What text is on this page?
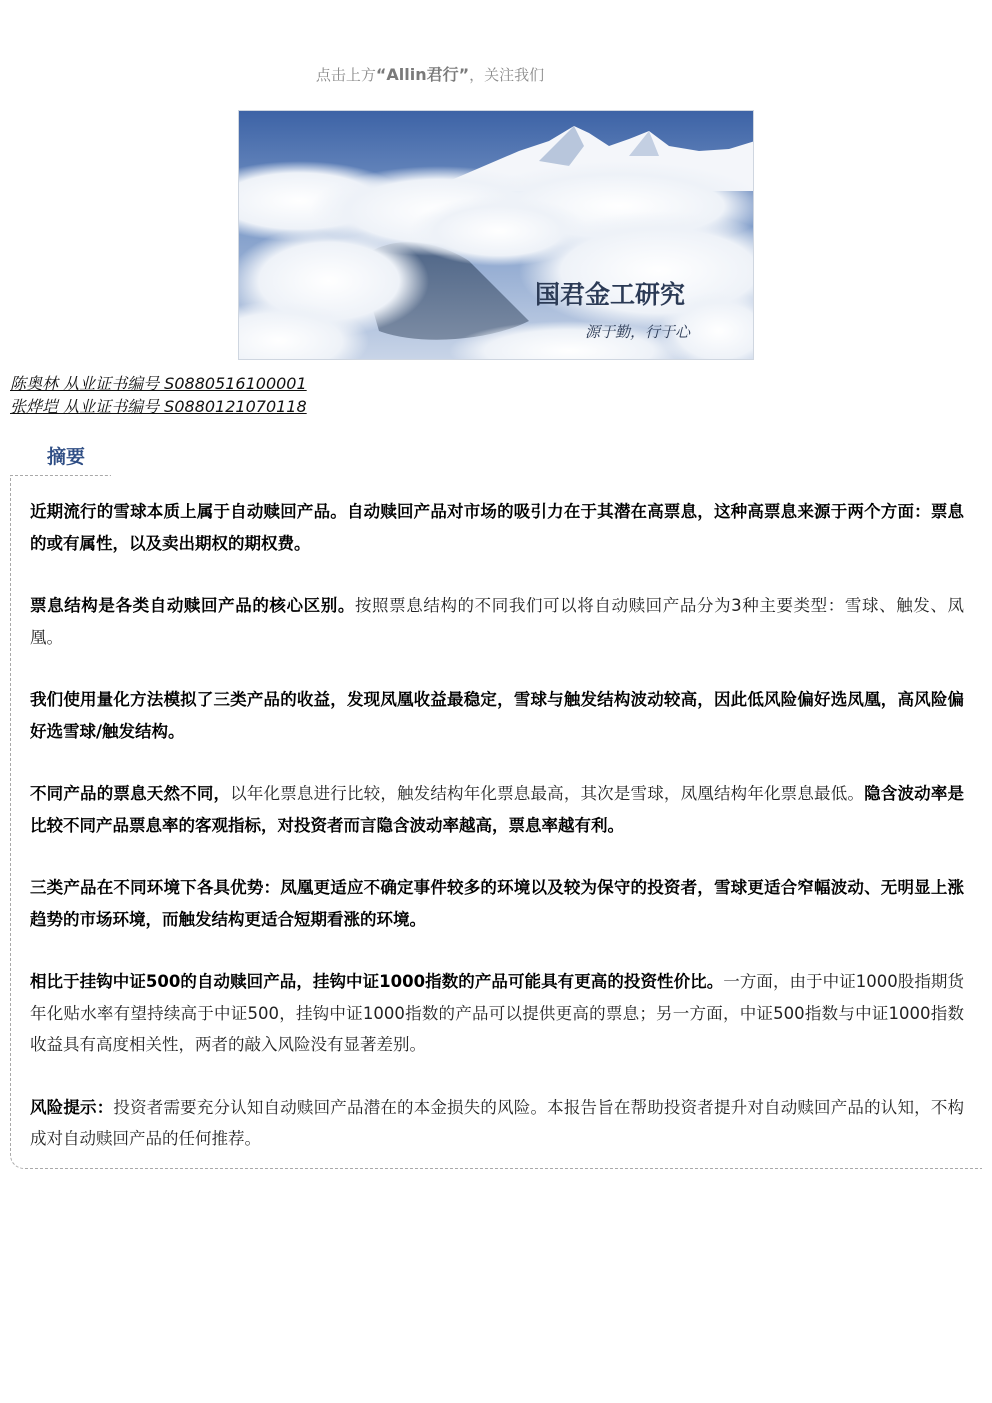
点击上方“Allin君行”，关注我们
国君金工研究
源于勤，行于心
陈奥林 从业证书编号 S0880516100001
张烨垲 从业证书编号 S0880121070118
摘要

近期流行的雪球本质上属于自动赎回产品。自动赎回产品对市场的吸引力在于其潜在高票息，这种高票息来源于两个方面：票息的或有属性，以及卖出期权的期权费。

票息结构是各类自动赎回产品的核心区别。按照票息结构的不同我们可以将自动赎回产品分为3种主要类型：雪球、触发、凤凰。

我们使用量化方法模拟了三类产品的收益，发现凤凰收益最稳定，雪球与触发结构波动较高，因此低风险偏好选凤凰，高风险偏好选雪球/触发结构。

不同产品的票息天然不同，以年化票息进行比较，触发结构年化票息最高，其次是雪球，凤凰结构年化票息最低。隐含波动率是比较不同产品票息率的客观指标，对投资者而言隐含波动率越高，票息率越有利。

三类产品在不同环境下各具优势：凤凰更适应不确定事件较多的环境以及较为保守的投资者，雪球更适合窄幅波动、无明显上涨趋势的市场环境，而触发结构更适合短期看涨的环境。

相比于挂钩中证500的自动赎回产品，挂钩中证1000指数的产品可能具有更高的投资性价比。一方面，由于中证1000股指期货年化贴水率有望持续高于中证500，挂钩中证1000指数的产品可以提供更高的票息；另一方面，中证500指数与中证1000指数收益具有高度相关性，两者的敲入风险没有显著差别。

风险提示：投资者需要充分认知自动赎回产品潜在的本金损失的风险。本报告旨在帮助投资者提升对自动赎回产品的认知，不构成对自动赎回产品的任何推荐。
